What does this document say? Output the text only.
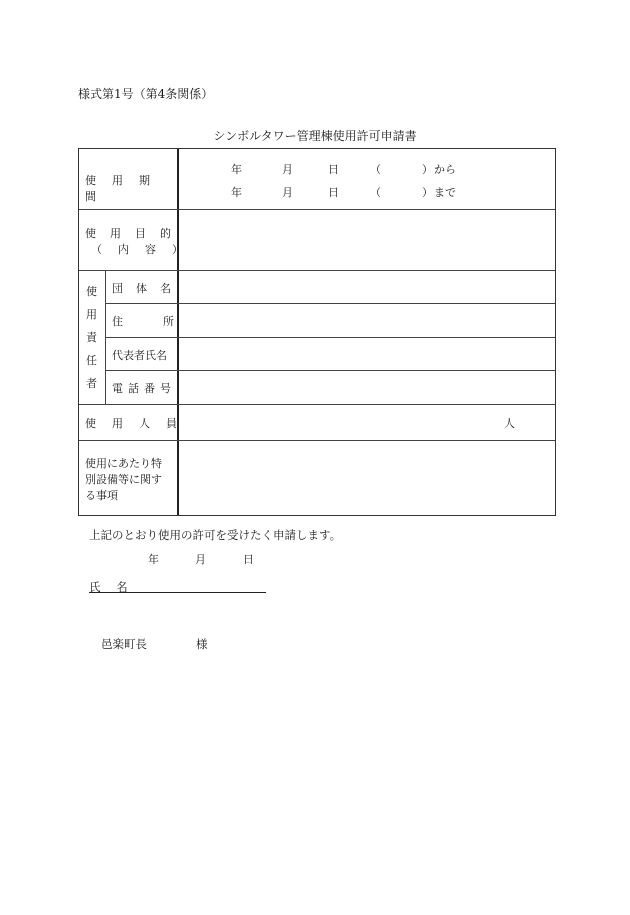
様式第1号（第4条関係）
シンボルタワー管理棟使用許可申請書
使用期間
年	月	日	（	） から
年	月	日	（	） まで
使用目的
（内容）
使
用
責
任
者
団体名
住所
代表者氏名
電話番号
使用人員	人
使用にあたり特
別設備等に関す
る事項
上記のとおり使用の許可を受けたく申請します。
年	月	日
氏 名
邑楽町長	様
